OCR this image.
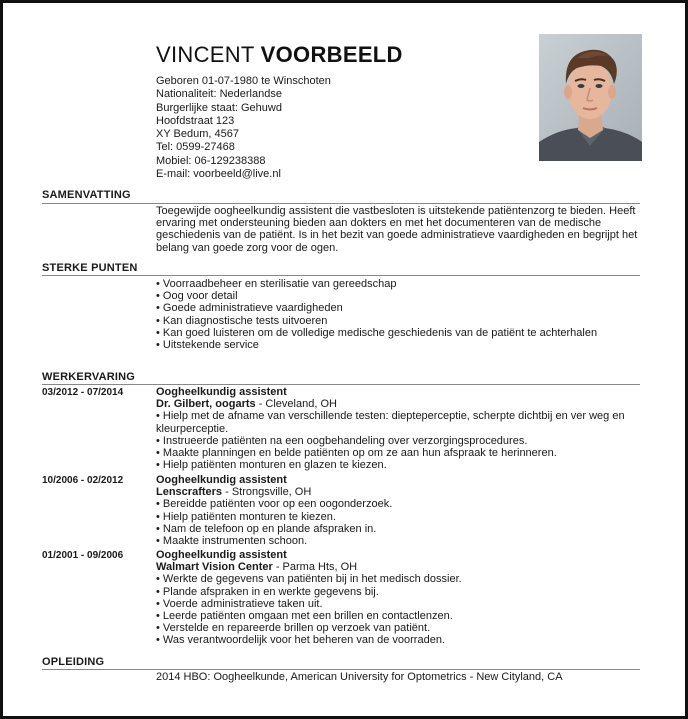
VINCENT VOORBEELD
Geboren 01-07-1980 te Winschoten
Nationaliteit: Nederlandse
Burgerlijke staat: Gehuwd
Hoofdstraat 123
XY Bedum, 4567
Tel: 0599-27468
Mobiel: 06-129238388
E-mail: voorbeeld@live.nl
SAMENVATTING
Toegewijde oogheelkundig assistent die vastbesloten is uitstekende patiëntenzorg te bieden. Heeft ervaring met ondersteuning bieden aan dokters en met het documenteren van de medische geschiedenis van de patiënt. Is in het bezit van goede administratieve vaardigheden en begrijpt het belang van goede zorg voor de ogen.
STERKE PUNTEN
• Voorraadbeheer en sterilisatie van gereedschap
• Oog voor detail
• Goede administratieve vaardigheden
• Kan diagnostische tests uitvoeren
• Kan goed luisteren om de volledige medische geschiedenis van de patiënt te achterhalen
• Uitstekende service
WERKERVARING
03/2012 - 07/2014	Oogheelkundig assistent
Dr. Gilbert, oogarts - Cleveland, OH
• Hielp met de afname van verschillende testen: diepteperceptie, scherpte dichtbij en ver weg en kleurperceptie.
• Instrueerde patiënten na een oogbehandeling over verzorgingsprocedures.
• Maakte planningen en belde patiënten op om ze aan hun afspraak te herinneren.
• Hielp patiënten monturen en glazen te kiezen.
10/2006 - 02/2012	Oogheelkundig assistent
Lenscrafters - Strongsville, OH
• Bereidde patiënten voor op een oogonderzoek.
• Hielp patiënten monturen te kiezen.
• Nam de telefoon op en plande afspraken in.
• Maakte instrumenten schoon.
01/2001 - 09/2006	Oogheelkundig assistent
Walmart Vision Center - Parma Hts, OH
• Werkte de gegevens van patiënten bij in het medisch dossier.
• Plande afspraken in en werkte gegevens bij.
• Voerde administratieve taken uit.
• Leerde patiënten omgaan met een brillen en contactlenzen.
• Verstelde en repareerde brillen op verzoek van patiënt.
• Was verantwoordelijk voor het beheren van de voorraden.
OPLEIDING
2014 HBO: Oogheelkunde, American University for Optometrics - New Cityland, CA
